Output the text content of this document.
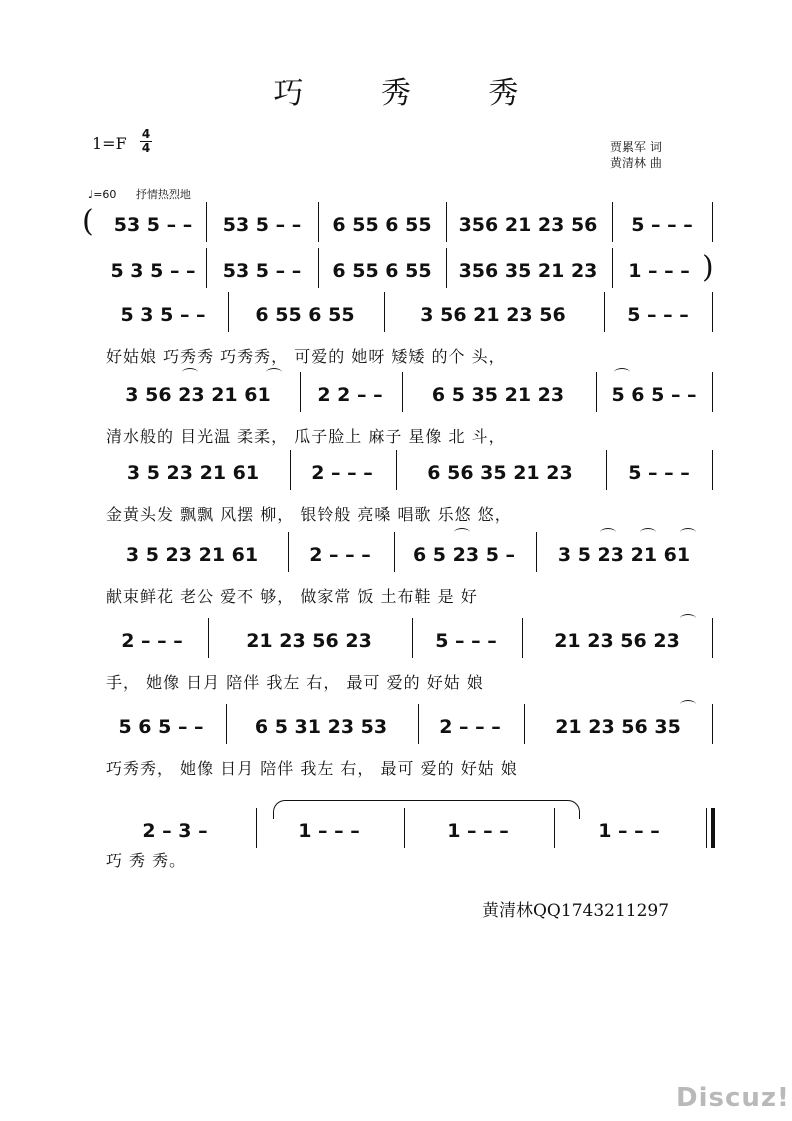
巧 秀 秀
1=F 4
4	贾累军 词
黄清林 曲
♩=60 抒情热烈地
(	53 5 – –	53 5 – –	6 55 6 55	356 21 23 56	5 – – –
5 3 5 – –	53 5 – –	6 55 6 55	356 35 21 23	1 – – – )
5 3 5 – –	6 55 6 55	3 56 21 23 56	5 – – –
好姑娘 巧秀秀 巧秀秀， 可爱的 她呀 矮矮 的个 头，
3 56 23 21 61	2 2 – –	6 5 35 21 23	5 6 5 – –
清水般的 目光温 柔柔， 瓜子脸上 麻子 星像 北 斗，
3 5 23 21 61	2 – – –	6 56 35 21 23	5 – – –
金黄头发 飘飘 风摆 柳， 银铃般 亮嗓 唱歌 乐悠 悠，
3 5 23 21 61	2 – – –	6 5 23 5 –	3 5 23 21 61
献束鲜花 老公 爱不 够， 做家常 饭 土布鞋 是 好
2 – – –	21 23 56 23	5 – – –	21 23 56 23
手， 她像 日月 陪伴 我左 右， 最可 爱的 好姑 娘
5 6 5 – –	6 5 31 23 53	2 – – –	21 23 56 35
巧秀秀， 她像 日月 陪伴 我左 右， 最可 爱的 好姑 娘
2 – 3 –	1 – – –	1 – – –	1 – – –
巧 秀 秀。
黄清林QQ1743211297
Discuz!
